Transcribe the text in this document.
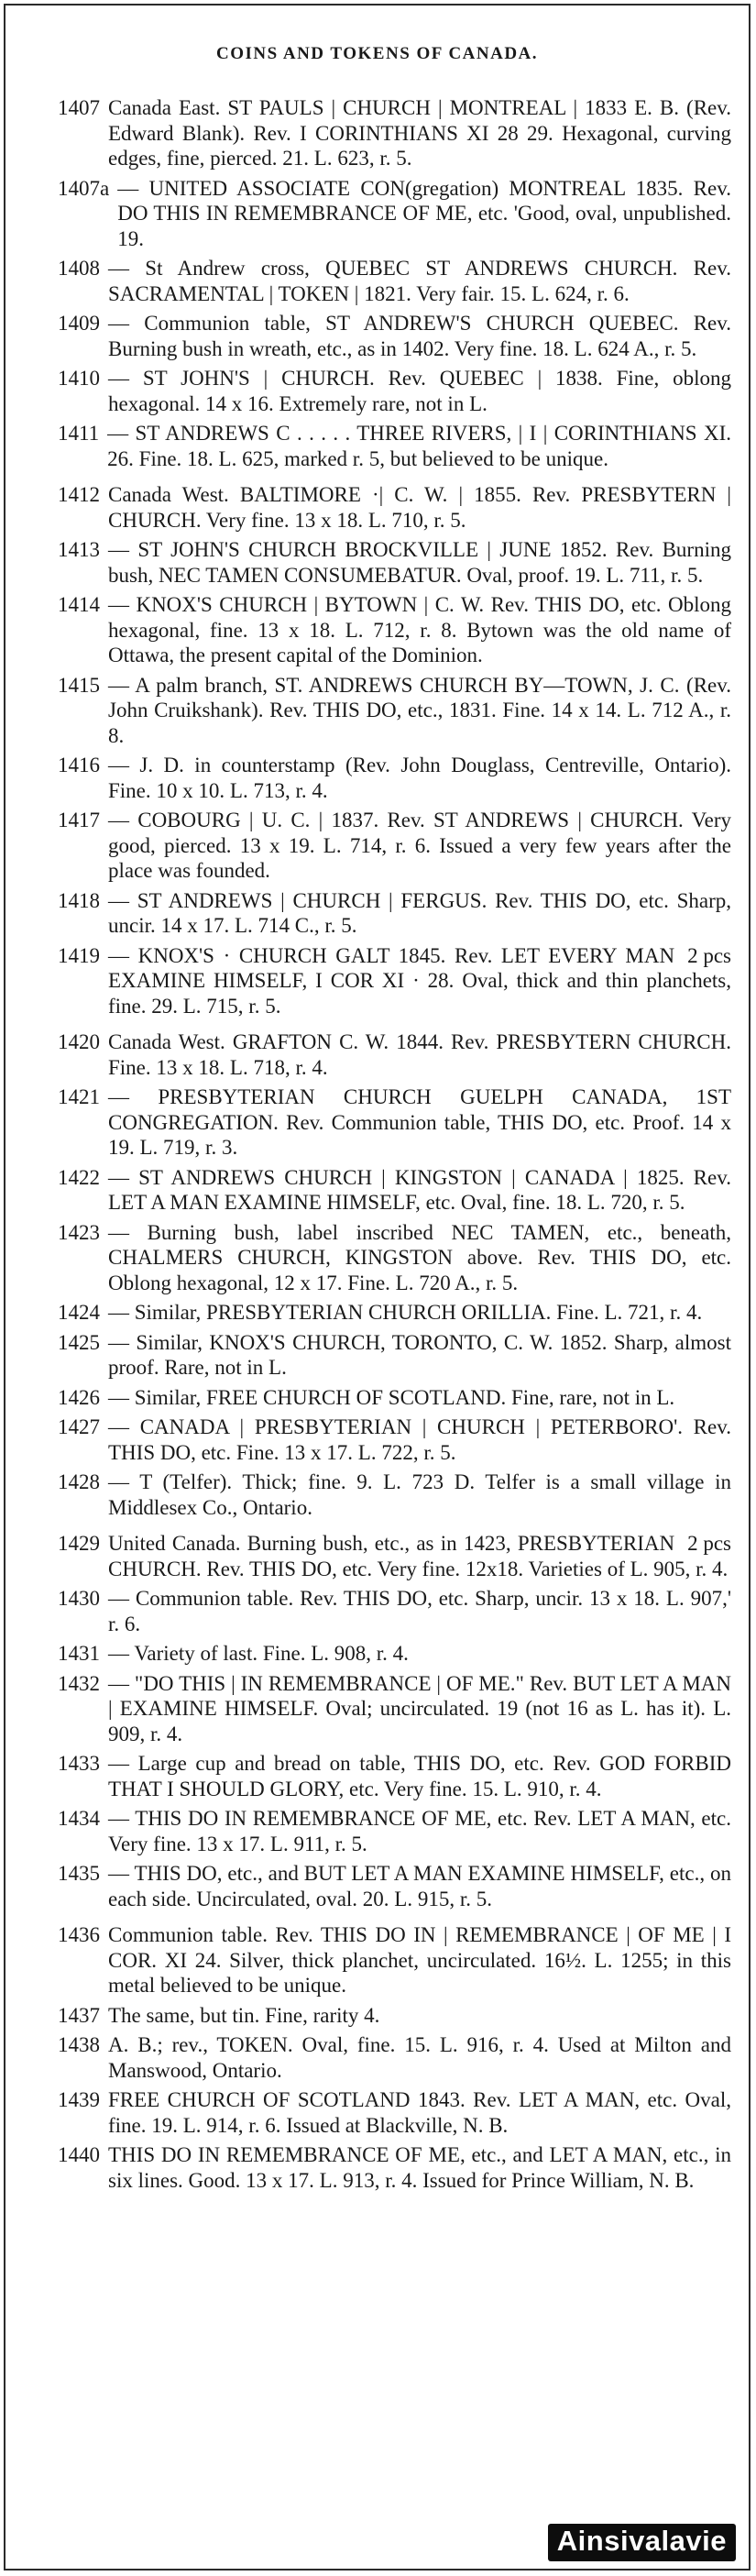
COINS AND TOKENS OF CANADA.
1407 Canada East. ST PAULS | CHURCH | MONTREAL | 1833 E. B. (Rev. Edward Blank). Rev. I CORINTHIANS XI 28 29. Hexagonal, curving edges, fine, pierced. 21. L. 623, r. 5.
1407a — UNITED ASSOCIATE CON(gregation) MONTREAL 1835. Rev. DO THIS IN REMEMBRANCE OF ME, etc. 'Good, oval, unpublished. 19.
1408 — St Andrew cross, QUEBEC ST ANDREWS CHURCH. Rev. SACRAMENTAL | TOKEN | 1821. Very fair. 15. L. 624, r. 6.
1409 — Communion table, ST ANDREW'S CHURCH QUEBEC. Rev. Burning bush in wreath, etc., as in 1402. Very fine. 18. L. 624 A., r. 5.
1410 — ST JOHN'S | CHURCH. Rev. QUEBEC | 1838. Fine, oblong hexagonal. 14 x 16. Extremely rare, not in L.
1411 — ST ANDREWS C . . . . . THREE RIVERS, | I | CORINTHIANS XI. 26. Fine. 18. L. 625, marked r. 5, but believed to be unique.
1412 Canada West. BALTIMORE ·| C. W. | 1855. Rev. PRESBYTERN | CHURCH. Very fine. 13 x 18. L. 710, r. 5.
1413 — ST JOHN'S CHURCH BROCKVILLE | JUNE 1852. Rev. Burning bush, NEC TAMEN CONSUMEBATUR. Oval, proof. 19. L. 711, r. 5.
1414 — KNOX'S CHURCH | BYTOWN | C. W. Rev. THIS DO, etc. Oblong hexagonal, fine. 13 x 18. L. 712, r. 8. Bytown was the old name of Ottawa, the present capital of the Dominion.
1415 — A palm branch, ST. ANDREWS CHURCH BY—TOWN, J. C. (Rev. John Cruikshank). Rev. THIS DO, etc., 1831. Fine. 14 x 14. L. 712 A., r. 8.
1416 — J. D. in counterstamp (Rev. John Douglass, Centreville, Ontario). Fine. 10 x 10. L. 713, r. 4.
1417 — COBOURG | U. C. | 1837. Rev. ST ANDREWS | CHURCH. Very good, pierced. 13 x 19. L. 714, r. 6. Issued a very few years after the place was founded.
1418 — ST ANDREWS | CHURCH | FERGUS. Rev. THIS DO, etc. Sharp, uncir. 14 x 17. L. 714 C., r. 5.
1419	2 pcs
— KNOX'S · CHURCH GALT 1845. Rev. LET EVERY MAN EXAMINE HIMSELF, I COR XI · 28. Oval, thick and thin planchets, fine. 29. L. 715, r. 5.
1420 Canada West. GRAFTON C. W. 1844. Rev. PRESBYTERN CHURCH. Fine. 13 x 18. L. 718, r. 4.
1421 — PRESBYTERIAN CHURCH GUELPH CANADA, 1ST CONGREGATION. Rev. Communion table, THIS DO, etc. Proof. 14 x 19. L. 719, r. 3.
1422 — ST ANDREWS CHURCH | KINGSTON | CANADA | 1825. Rev. LET A MAN EXAMINE HIMSELF, etc. Oval, fine. 18. L. 720, r. 5.
1423 — Burning bush, label inscribed NEC TAMEN, etc., beneath, CHALMERS CHURCH, KINGSTON above. Rev. THIS DO, etc. Oblong hexagonal, 12 x 17. Fine. L. 720 A., r. 5.
1424 — Similar, PRESBYTERIAN CHURCH ORILLIA. Fine. L. 721, r. 4.
1425 — Similar, KNOX'S CHURCH, TORONTO, C. W. 1852. Sharp, almost proof. Rare, not in L.
1426 — Similar, FREE CHURCH OF SCOTLAND. Fine, rare, not in L.
1427 — CANADA | PRESBYTERIAN | CHURCH | PETERBORO'. Rev. THIS DO, etc. Fine. 13 x 17. L. 722, r. 5.
1428 — T (Telfer). Thick; fine. 9. L. 723 D. Telfer is a small village in Middlesex Co., Ontario.
1429	2 pcs
United Canada. Burning bush, etc., as in 1423, PRESBYTERIAN CHURCH. Rev. THIS DO, etc. Very fine. 12x18. Varieties of L. 905, r. 4.
1430 — Communion table. Rev. THIS DO, etc. Sharp, uncir. 13 x 18. L. 907,' r. 6.
1431 — Variety of last. Fine. L. 908, r. 4.
1432 — "DO THIS | IN REMEMBRANCE | OF ME." Rev. BUT LET A MAN | EXAMINE HIMSELF. Oval; uncirculated. 19 (not 16 as L. has it). L. 909, r. 4.
1433 — Large cup and bread on table, THIS DO, etc. Rev. GOD FORBID THAT I SHOULD GLORY, etc. Very fine. 15. L. 910, r. 4.
1434 — THIS DO IN REMEMBRANCE OF ME, etc. Rev. LET A MAN, etc. Very fine. 13 x 17. L. 911, r. 5.
1435 — THIS DO, etc., and BUT LET A MAN EXAMINE HIMSELF, etc., on each side. Uncirculated, oval. 20. L. 915, r. 5.
1436 Communion table. Rev. THIS DO IN | REMEMBRANCE | OF ME | I COR. XI 24. Silver, thick planchet, uncirculated. 16½. L. 1255; in this metal believed to be unique.
1437 The same, but tin. Fine, rarity 4.
1438 A. B.; rev., TOKEN. Oval, fine. 15. L. 916, r. 4. Used at Milton and Manswood, Ontario.
1439 FREE CHURCH OF SCOTLAND 1843. Rev. LET A MAN, etc. Oval, fine. 19. L. 914, r. 6. Issued at Blackville, N. B.
1440 THIS DO IN REMEMBRANCE OF ME, etc., and LET A MAN, etc., in six lines. Good. 13 x 17. L. 913, r. 4. Issued for Prince William, N. B.
Ainsivalavie
